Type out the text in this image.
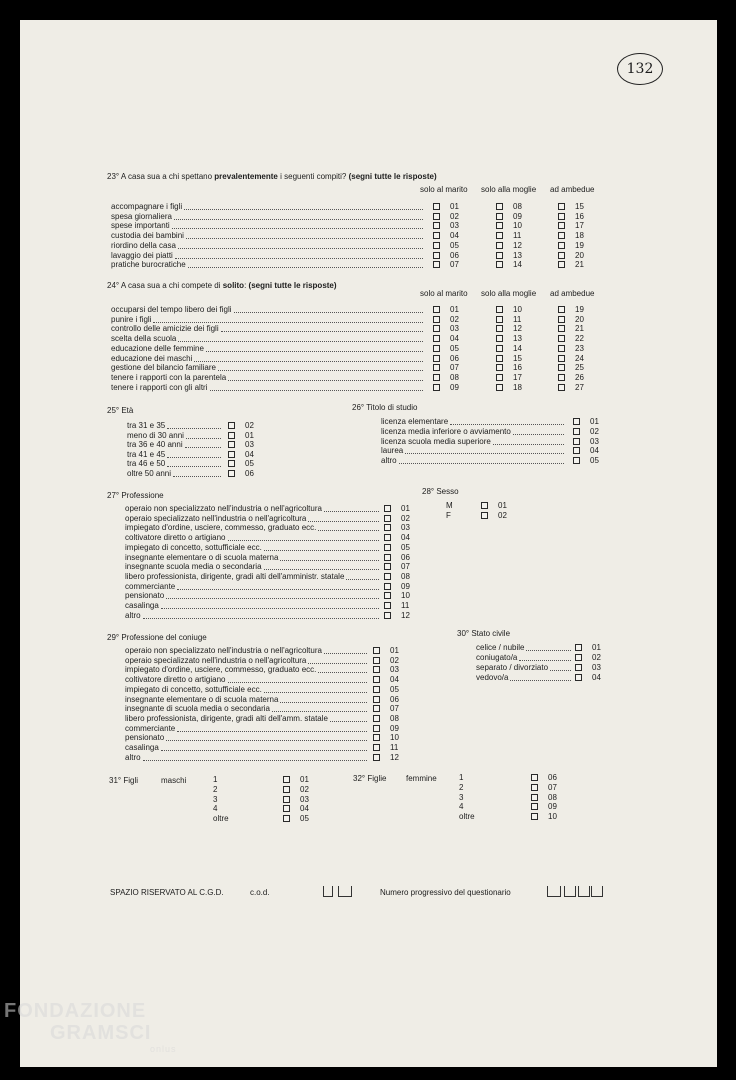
132
23° A casa sua a chi spettano prevalentemente i seguenti compiti? (segni tutte le risposte)
solo al marito solo alla moglie ad ambedue
accompagnare i figli	01	08	15
spesa giornaliera	02	09	16
spese importanti	03	10	17
custodia dei bambini	04	11	18
riordino della casa	05	12	19
lavaggio dei piatti	06	13	20
pratiche burocratiche	07	14	21
24° A casa sua a chi compete di solito: (segni tutte le risposte)
solo al marito solo alla moglie ad ambedue
occuparsi del tempo libero dei figli	01	10	19
punire i figli	02	11	20
controllo delle amicizie dei figli	03	12	21
scelta della scuola	04	13	22
educazione delle femmine	05	14	23
educazione dei maschi	06	15	24
gestione del bilancio familiare	07	16	25
tenere i rapporti con la parentela	08	17	26
tenere i rapporti con gli altri	09	18	27
25° Età
tra 31 e 35	02
meno di 30 anni	01
tra 36 e 40 anni	03
tra 41 e 45	04
tra 46 e 50	05
oltre 50 anni	06
26° Titolo di studio
licenza elementare	01
licenza media inferiore o avviamento	02
licenza scuola media superiore	03
laurea	04
altro	05
27° Professione
operaio non specializzato nell'industria o nell'agricoltura	01
operaio specializzato nell'industria o nell'agricoltura	02
impiegato d'ordine, usciere, commesso, graduato ecc.	03
coltivatore diretto o artigiano	04
impiegato di concetto, sottufficiale ecc.	05
insegnante elementare o di scuola materna	06
insegnante scuola media o secondaria	07
libero professionista, dirigente, gradi alti dell'amministr. statale	08
commerciante	09
pensionato	10
casalinga	11
altro	12
28° Sesso
M	01
F	02
29° Professione del coniuge
operaio non specializzato nell'industria o nell'agricoltura	01
operaio specializzato nell'industria o nell'agricoltura	02
impiegato d'ordine, usciere, commesso, graduato ecc.	03
coltivatore diretto o artigiano	04
impiegato di concetto, sottufficiale ecc.	05
insegnante elementare o di scuola materna	06
insegnante di scuola media o secondaria	07
libero professionista, dirigente, gradi alti dell'amm. statale	08
commerciante	09
pensionato	10
casalinga	11
altro	12
30° Stato civile
celice / nubile	01
coniugato/a	02
separato / divorziato	03
vedovo/a	04
31° Figli	maschi	1	01
2	02
3	03
4	04
oltre	05
32° Figlie femmine	1	06
2	07
3	08
4	09
oltre	10
SPAZIO RISERVATO AL C.G.D.	c.o.d.	Numero progressivo del questionario
FONDAZIONE
GRAMSCI
onlus
